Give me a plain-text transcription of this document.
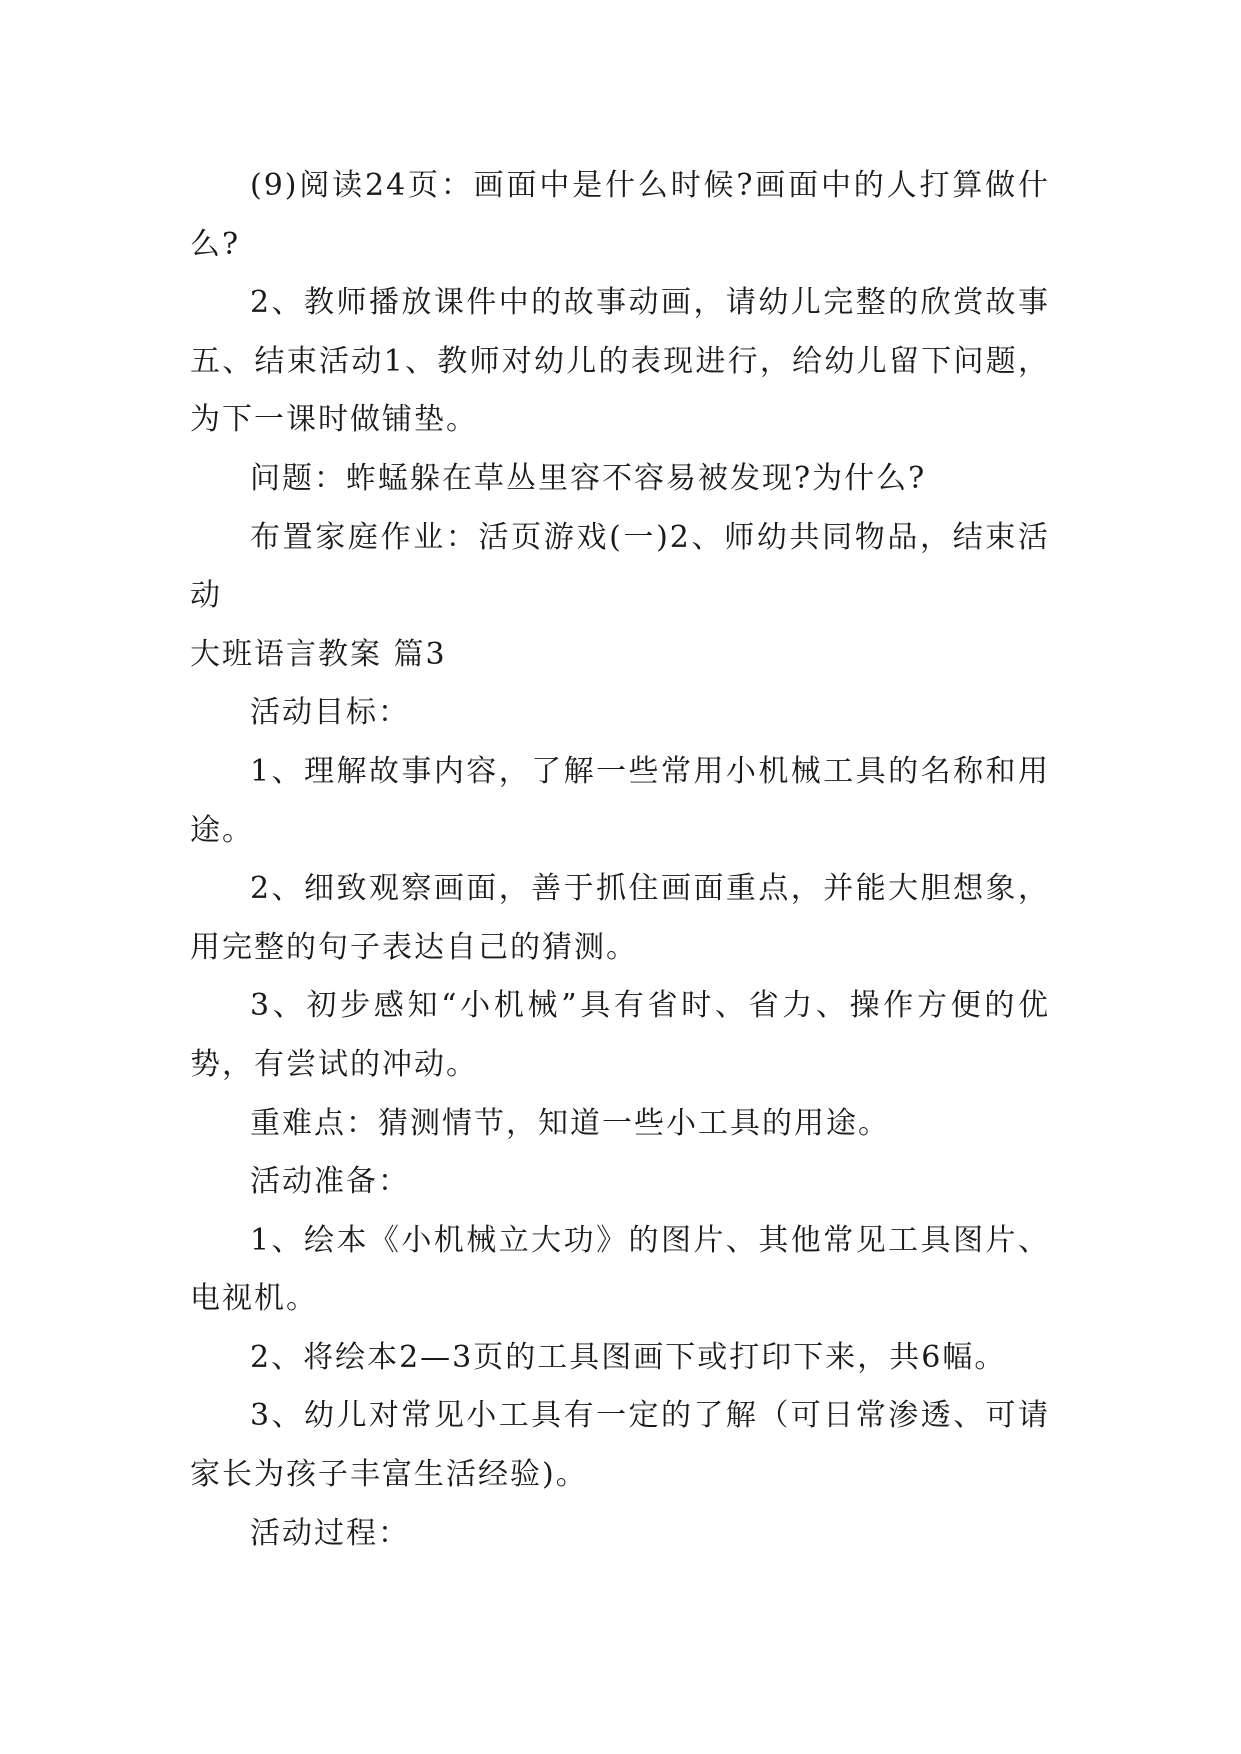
(9)阅读24页：画面中是什么时候?画面中的人打算做什么?

2、教师播放课件中的故事动画，请幼儿完整的欣赏故事五、结束活动1、教师对幼儿的表现进行，给幼儿留下问题，为下一课时做铺垫。

问题：蚱蜢躲在草丛里容不容易被发现?为什么?

布置家庭作业：活页游戏(一)2、师幼共同物品，结束活动

大班语言教案 篇3

活动目标：

1、理解故事内容，了解一些常用小机械工具的名称和用途。

2、细致观察画面，善于抓住画面重点，并能大胆想象，用完整的句子表达自己的猜测。

3、初步感知“小机械”具有省时、省力、操作方便的优势，有尝试的冲动。

重难点：猜测情节，知道一些小工具的用途。

活动准备：

1、绘本《小机械立大功》的图片、其他常见工具图片、电视机。

2、将绘本2—3页的工具图画下或打印下来，共6幅。

3、幼儿对常见小工具有一定的了解（可日常渗透、可请家长为孩子丰富生活经验)。

活动过程：
